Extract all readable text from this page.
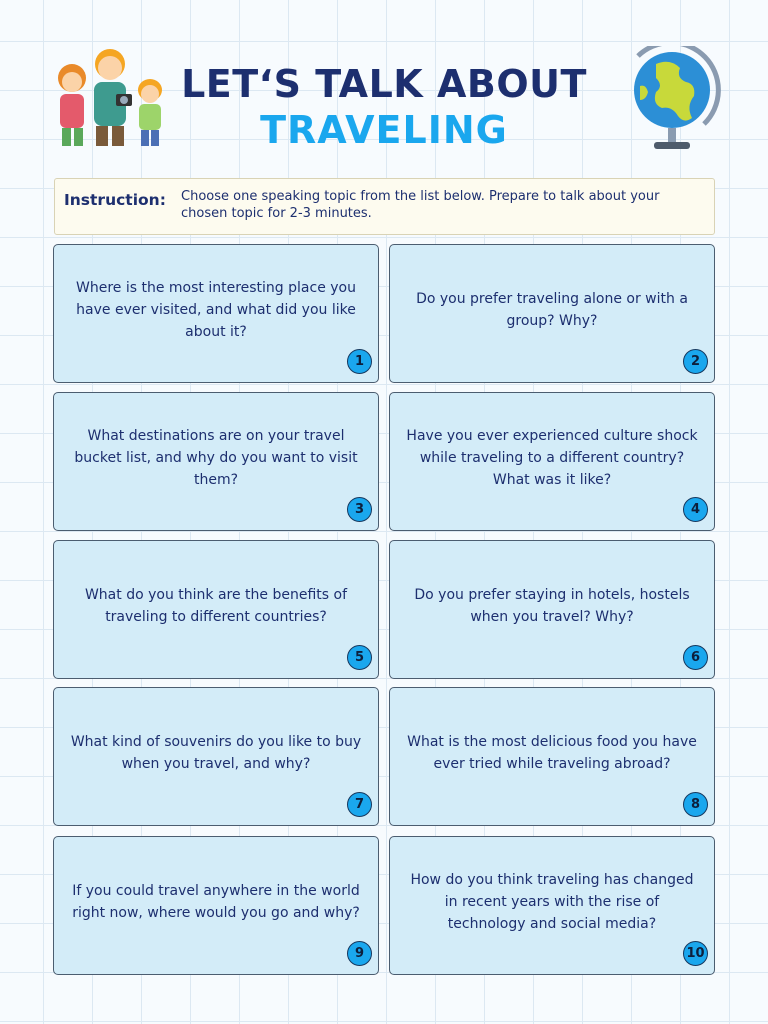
LET‘S TALK ABOUT
TRAVELING
Instruction: Choose one speaking topic from the list below. Prepare to talk about your chosen topic for 2-3 minutes.
Where is the most interesting place you have ever visited, and what did you like about it?
1
Do you prefer traveling alone or with a group? Why?
2
What destinations are on your travel bucket list, and why do you want to visit them?
3
Have you ever experienced culture shock while traveling to a different country? What was it like?
4
What do you think are the benefits of traveling to different countries?
5
Do you prefer staying in hotels, hostels when you travel? Why?
6
What kind of souvenirs do you like to buy when you travel, and why?
7
What is the most delicious food you have ever tried while traveling abroad?
8
If you could travel anywhere in the world right now, where would you go and why?
9
How do you think traveling has changed in recent years with the rise of technology and social media?
10
